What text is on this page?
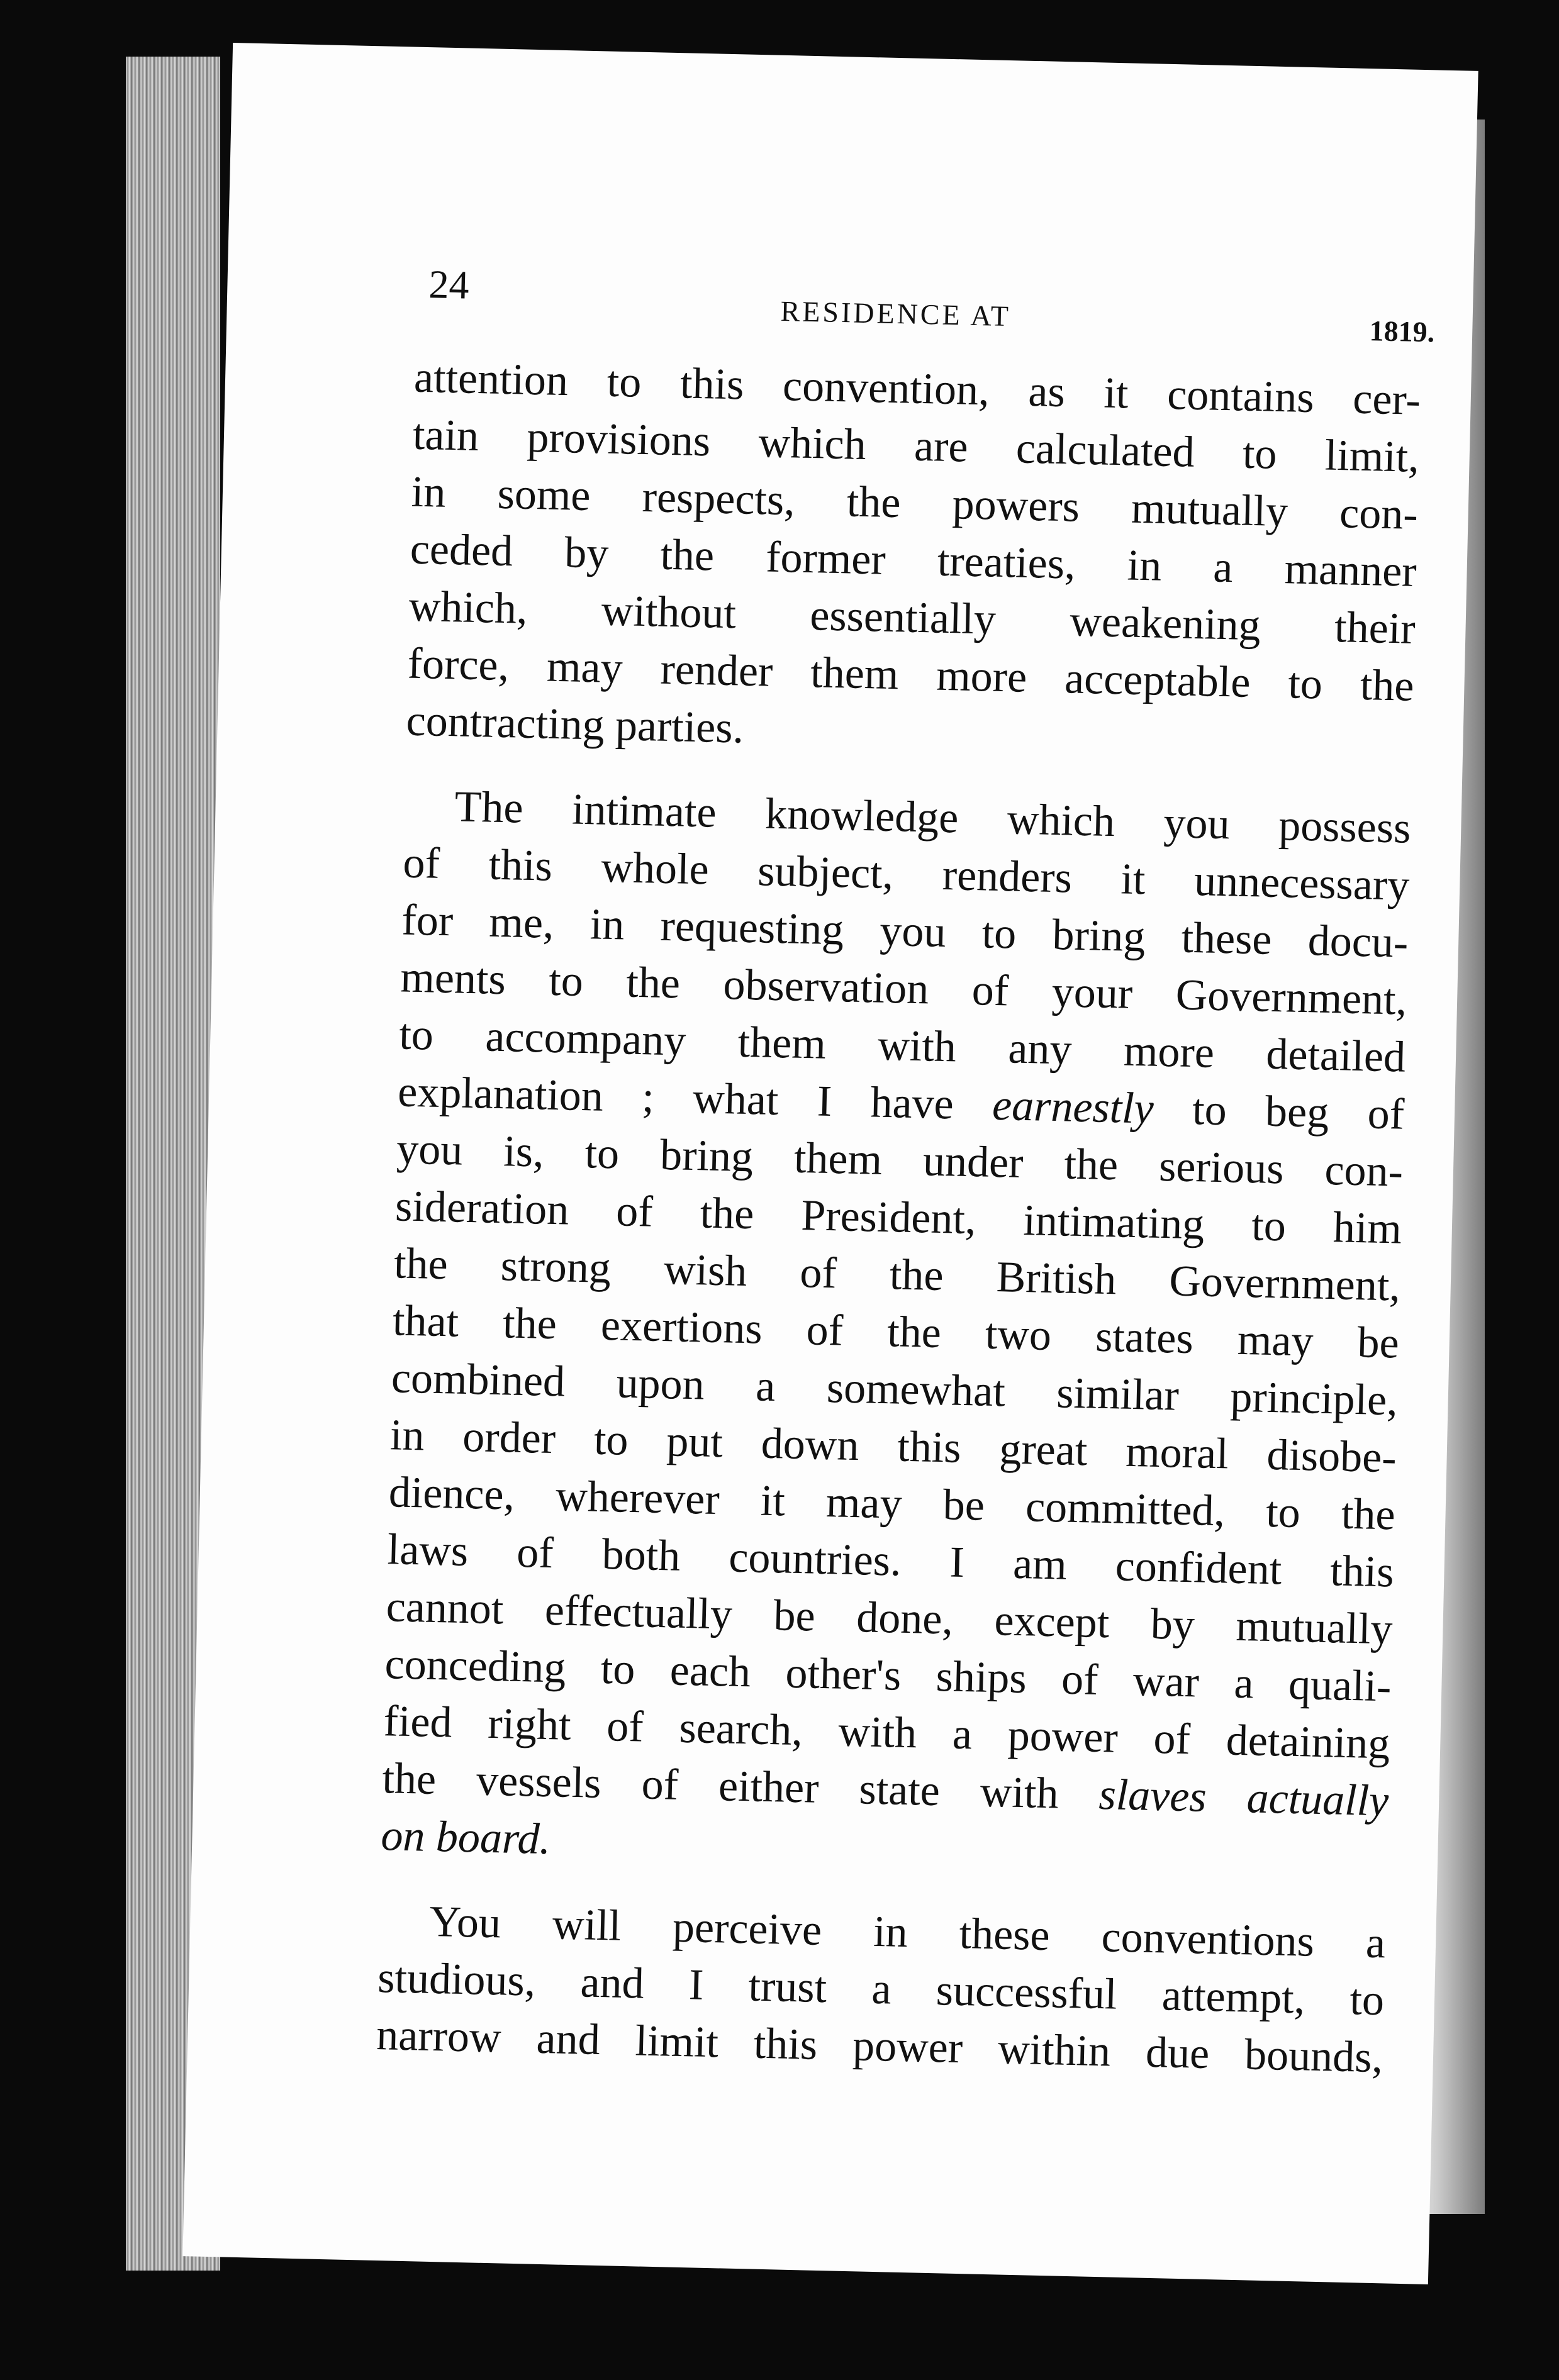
24
RESIDENCE AT	1819.
attention to this convention, as it contains cer-
tain provisions which are calculated to limit,
in some respects, the powers mutually con-
ceded by the former treaties, in a manner
which, without essentially weakening their
force, may render them more acceptable to the
contracting parties.
The intimate knowledge which you possess
of this whole subject, renders it unnecessary
for me, in requesting you to bring these docu-
ments to the observation of your Government,
to accompany them with any more detailed
explanation ; what I have earnestly to beg of
you is, to bring them under the serious con-
sideration of the President, intimating to him
the strong wish of the British Government,
that the exertions of the two states may be
combined upon a somewhat similar principle,
in order to put down this great moral disobe-
dience, wherever it may be committed, to the
laws of both countries. I am confident this
cannot effectually be done, except by mutually
conceding to each other's ships of war a quali-
fied right of search, with a power of detaining
the vessels of either state with slaves actually
on board.
You will perceive in these conventions a
studious, and I trust a successful attempt, to
narrow and limit this power within due bounds,
